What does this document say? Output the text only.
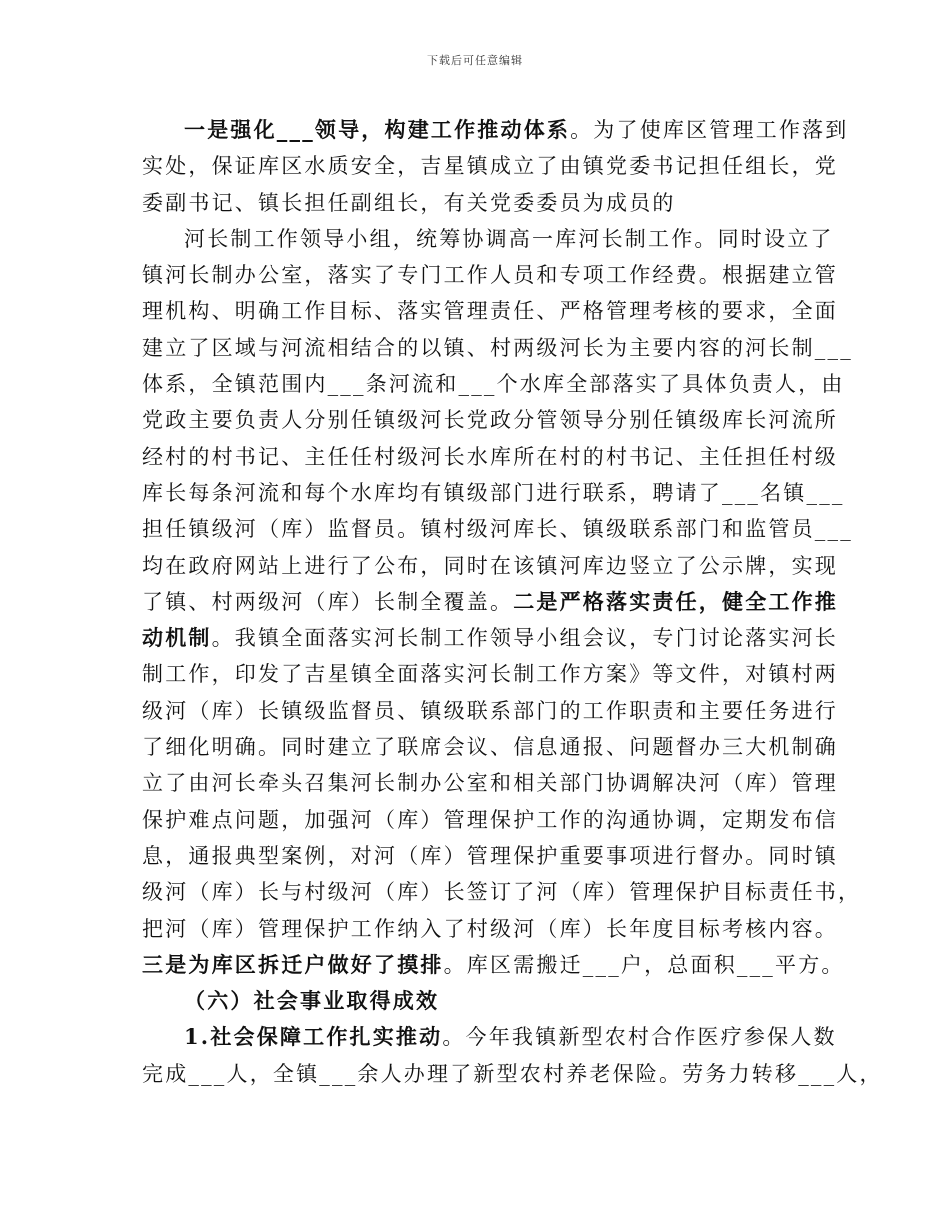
下载后可任意编辑
一是强化___领导，构建工作推动体系。为了使库区管理工作落到
实处，保证库区水质安全，吉星镇成立了由镇党委书记担任组长，党
委副书记、镇长担任副组长，有关党委委员为成员的
河长制工作领导小组，统筹协调高一库河长制工作。同时设立了
镇河长制办公室，落实了专门工作人员和专项工作经费。根据建立管
理机构、明确工作目标、落实管理责任、严格管理考核的要求，全面
建立了区域与河流相结合的以镇、村两级河长为主要内容的河长制___
体系，全镇范围内___条河流和___个水库全部落实了具体负责人，由
党政主要负责人分别任镇级河长党政分管领导分别任镇级库长河流所
经村的村书记、主任任村级河长水库所在村的村书记、主任担任村级
库长每条河流和每个水库均有镇级部门进行联系，聘请了___名镇___
担任镇级河（库）监督员。镇村级河库长、镇级联系部门和监管员___
均在政府网站上进行了公布，同时在该镇河库边竖立了公示牌，实现
了镇、村两级河（库）长制全覆盖。二是严格落实责任，健全工作推
动机制。我镇全面落实河长制工作领导小组会议，专门讨论落实河长
制工作，印发了吉星镇全面落实河长制工作方案》等文件，对镇村两
级河（库）长镇级监督员、镇级联系部门的工作职责和主要任务进行
了细化明确。同时建立了联席会议、信息通报、问题督办三大机制确
立了由河长牵头召集河长制办公室和相关部门协调解决河（库）管理
保护难点问题，加强河（库）管理保护工作的沟通协调，定期发布信
息，通报典型案例，对河（库）管理保护重要事项进行督办。同时镇
级河（库）长与村级河（库）长签订了河（库）管理保护目标责任书，
把河（库）管理保护工作纳入了村级河（库）长年度目标考核内容。
三是为库区拆迁户做好了摸排。库区需搬迁___户，总面积___平方。
（六）社会事业取得成效
1.社会保障工作扎实推动。今年我镇新型农村合作医疗参保人数
完成___人，全镇___余人办理了新型农村养老保险。劳务力转移___人，
